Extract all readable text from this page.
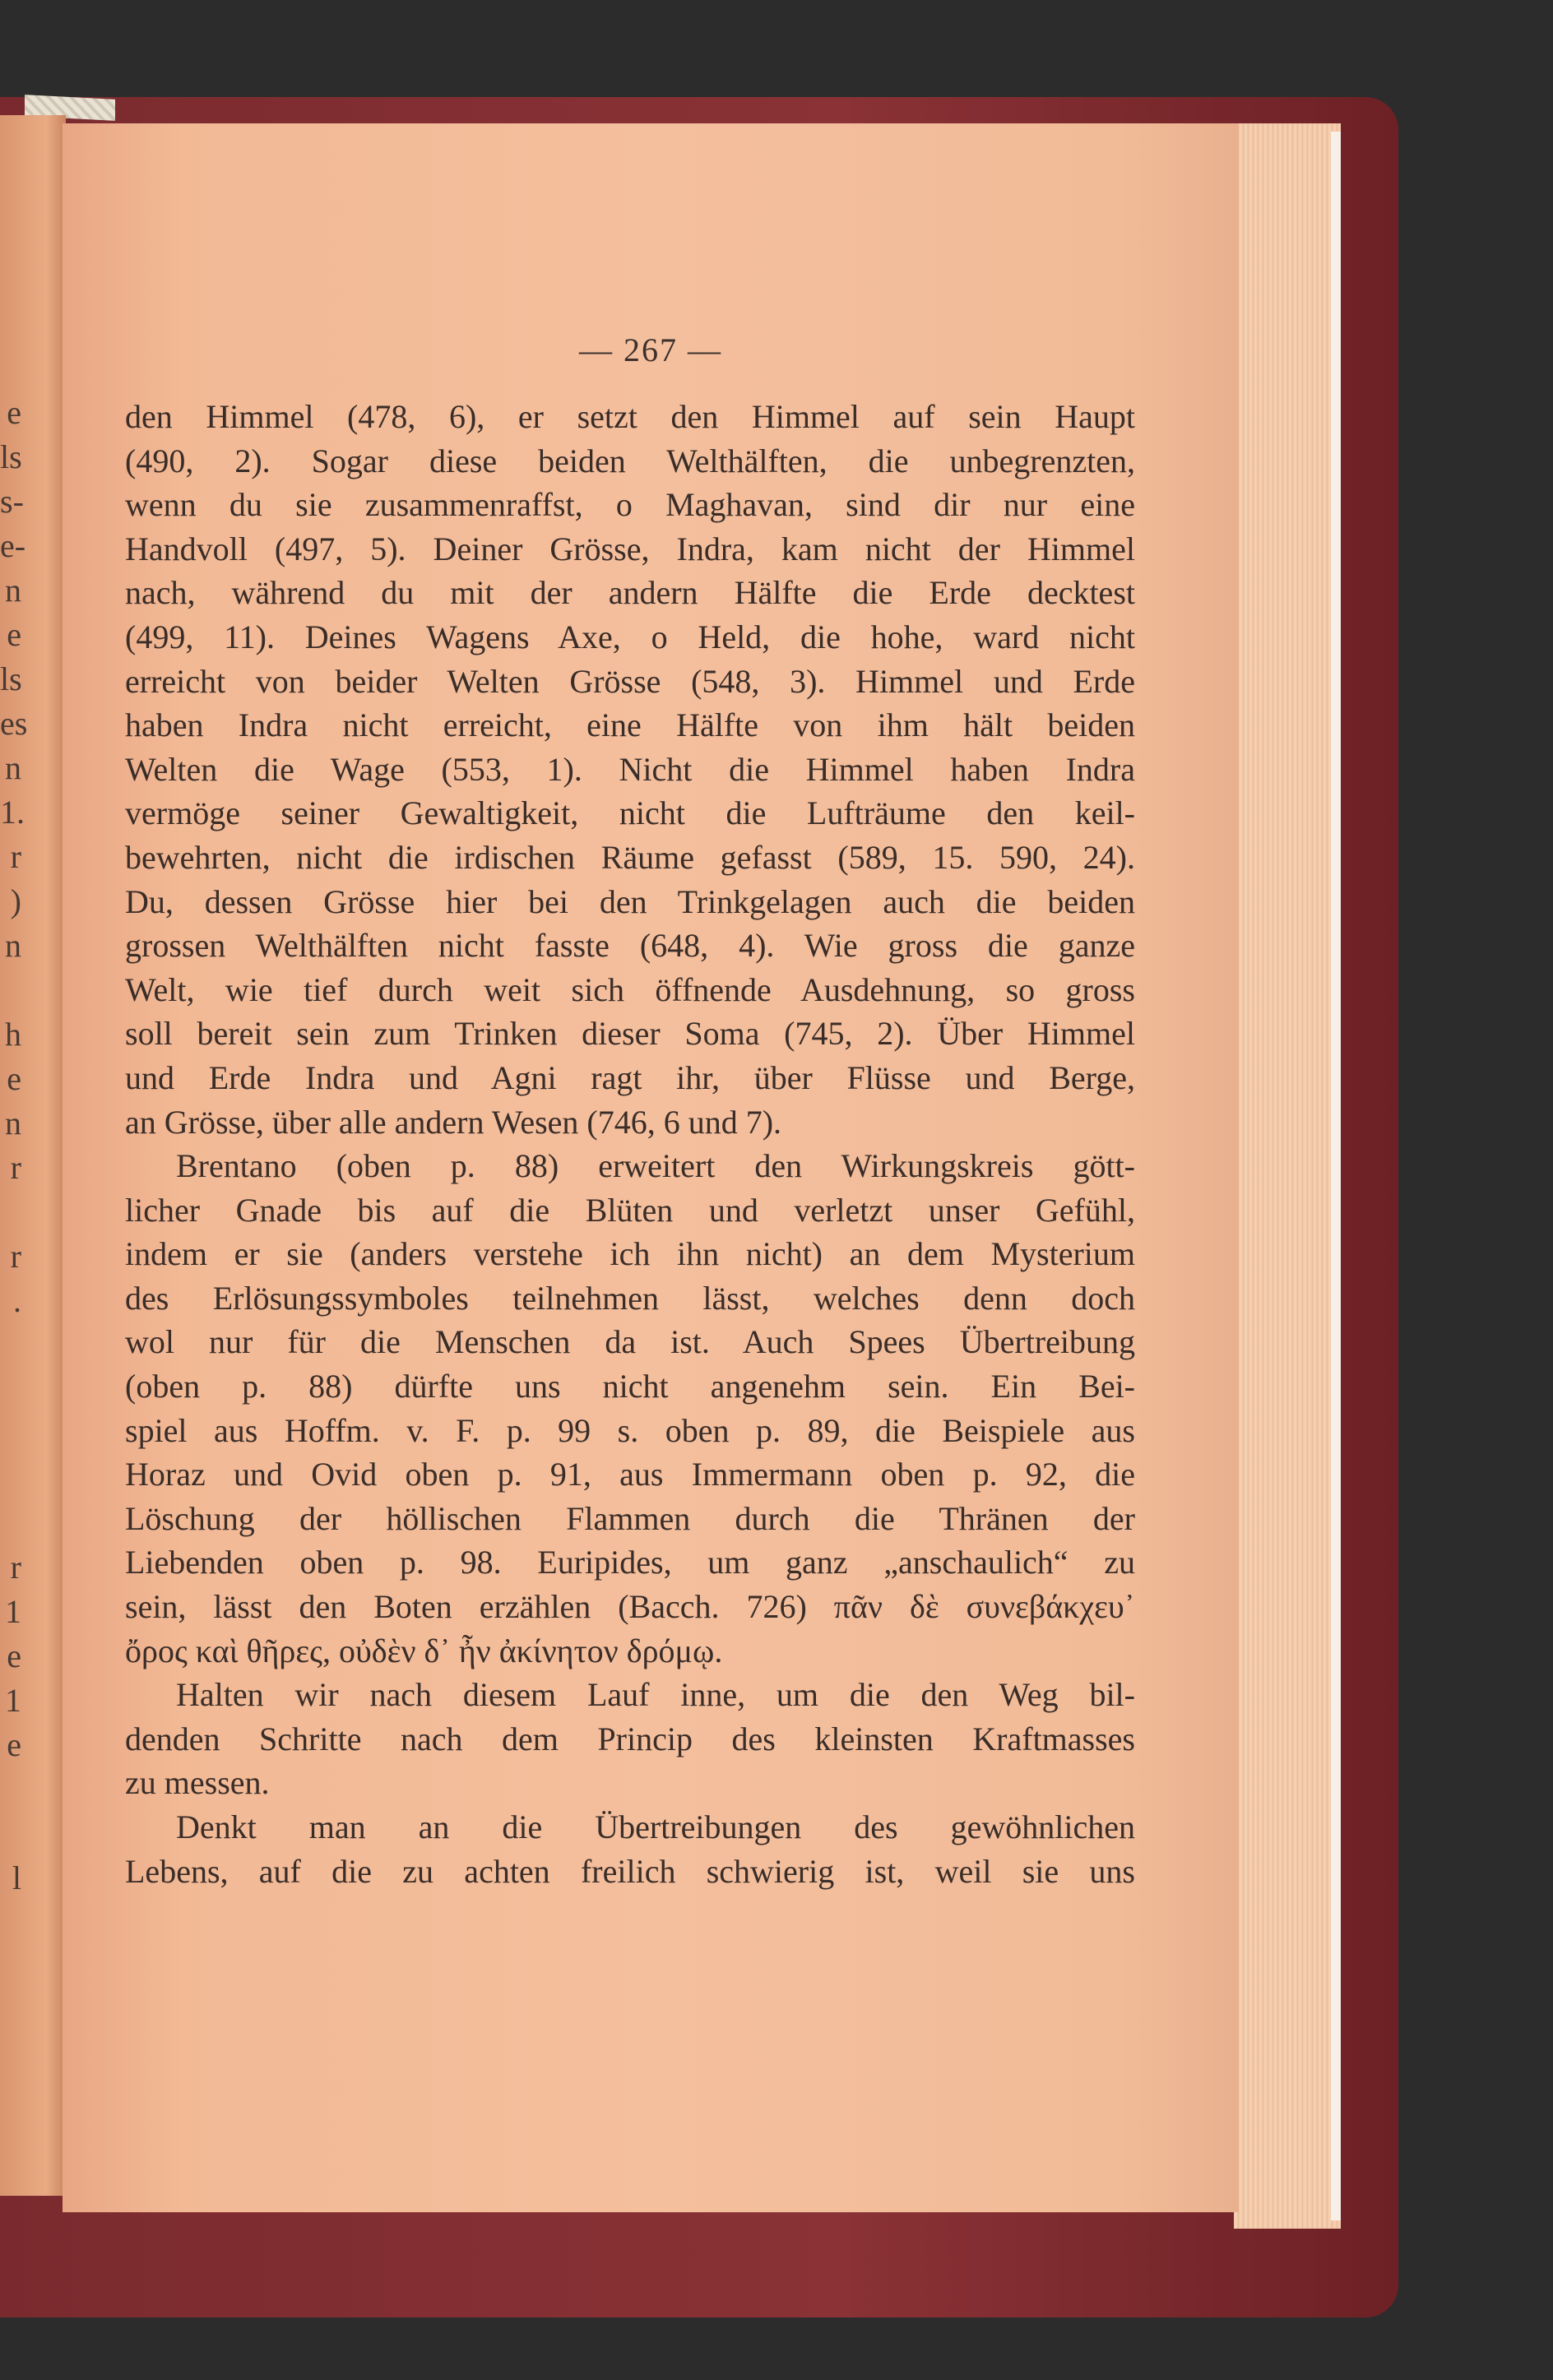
e
ls
s-
e-
n
e
ls
es
n
1.
r
)
n
h
e
n
r
r
.
r
1
e
1
e
l
— 267 —
den Himmel (478, 6), er setzt den Himmel auf sein Haupt
(490, 2). Sogar diese beiden Welthälften, die unbegrenzten,
wenn du sie zusammenraffst, o Maghavan, sind dir nur eine
Handvoll (497, 5). Deiner Grösse, Indra, kam nicht der Himmel
nach, während du mit der andern Hälfte die Erde decktest
(499, 11). Deines Wagens Axe, o Held, die hohe, ward nicht
erreicht von beider Welten Grösse (548, 3). Himmel und Erde
haben Indra nicht erreicht, eine Hälfte von ihm hält beiden
Welten die Wage (553, 1). Nicht die Himmel haben Indra
vermöge seiner Gewaltigkeit, nicht die Lufträume den keil-
bewehrten, nicht die irdischen Räume gefasst (589, 15. 590, 24).
Du, dessen Grösse hier bei den Trinkgelagen auch die beiden
grossen Welthälften nicht fasste (648, 4). Wie gross die ganze
Welt, wie tief durch weit sich öffnende Ausdehnung, so gross
soll bereit sein zum Trinken dieser Soma (745, 2). Über Himmel
und Erde Indra und Agni ragt ihr, über Flüsse und Berge,
an Grösse, über alle andern Wesen (746, 6 und 7).
Brentano (oben p. 88) erweitert den Wirkungskreis gött-
licher Gnade bis auf die Blüten und verletzt unser Gefühl,
indem er sie (anders verstehe ich ihn nicht) an dem Mysterium
des Erlösungssymboles teilnehmen lässt, welches denn doch
wol nur für die Menschen da ist. Auch Spees Übertreibung
(oben p. 88) dürfte uns nicht angenehm sein. Ein Bei-
spiel aus Hoffm. v. F. p. 99 s. oben p. 89, die Beispiele aus
Horaz und Ovid oben p. 91, aus Immermann oben p. 92, die
Löschung der höllischen Flammen durch die Thränen der
Liebenden oben p. 98. Euripides, um ganz „anschaulich“ zu
sein, lässt den Boten erzählen (Bacch. 726) πᾶν δὲ συνεβάκχευ᾽
ὄρος καὶ θῆρες, οὐδὲν δ᾽ ἦν ἀκίνητον δρόμῳ.
Halten wir nach diesem Lauf inne, um die den Weg bil-
denden Schritte nach dem Princip des kleinsten Kraftmasses
zu messen.
Denkt man an die Übertreibungen des gewöhnlichen
Lebens, auf die zu achten freilich schwierig ist, weil sie uns
